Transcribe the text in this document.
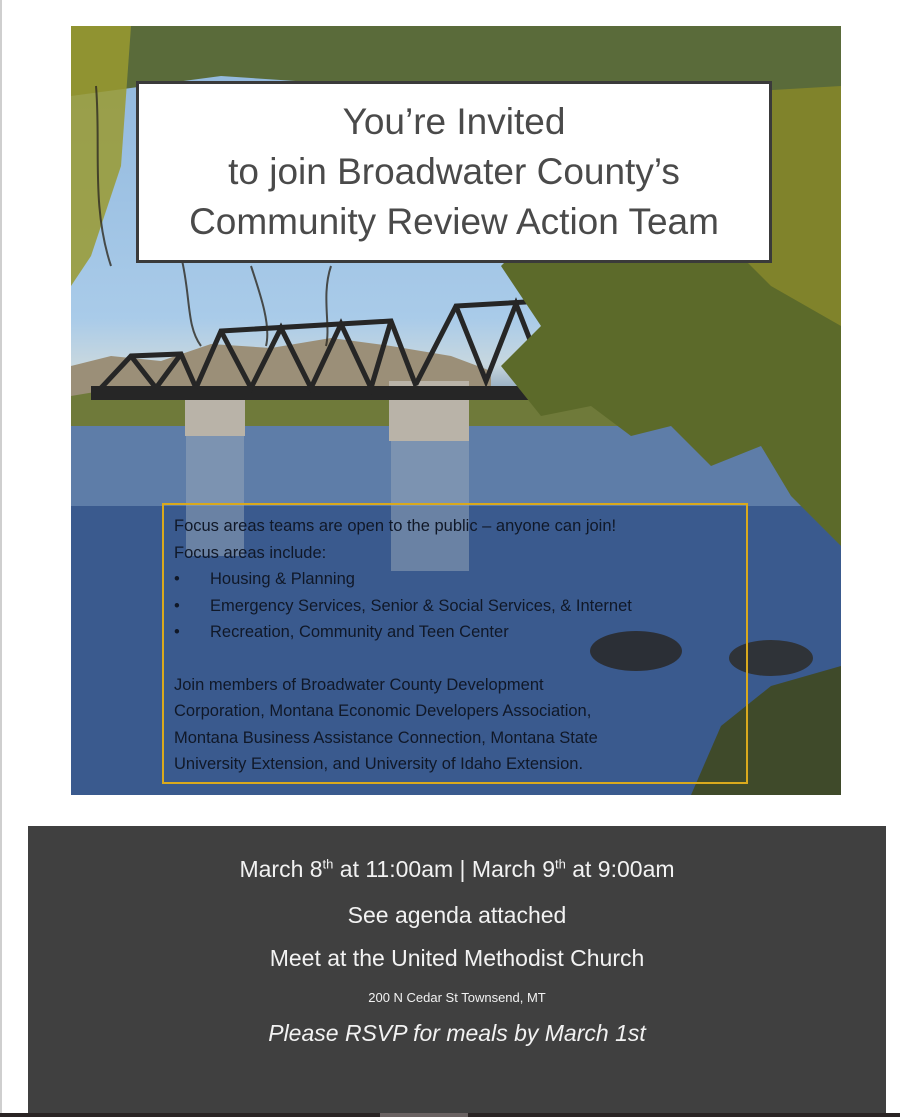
You’re Invited
to join Broadwater County’s
Community Review Action Team
Focus areas teams are open to the public – anyone can join!
Focus areas include:
•	Housing & Planning
•	Emergency Services, Senior & Social Services, & Internet
•	Recreation, Community and Teen Center
Join members of Broadwater County Development
Corporation, Montana Economic Developers Association,
Montana Business Assistance Connection, Montana State
University Extension, and University of Idaho Extension.
March 8th at 11:00am | March 9th at 9:00am
See agenda attached
Meet at the United Methodist Church
200 N Cedar St Townsend, MT
Please RSVP for meals by March 1st
